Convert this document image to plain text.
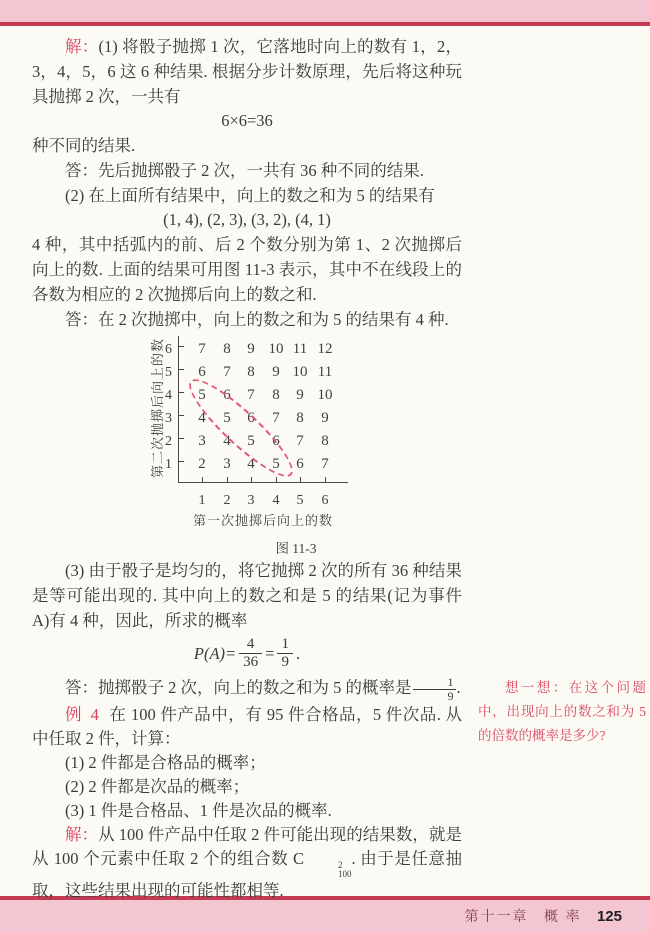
第十一章 概 率 125

解：(1) 将骰子抛掷 1 次，它落地时向上的数有 1，2，3，4，5，6 这 6 种结果. 根据分步计数原理，先后将这种玩具抛掷 2 次，一共有

6×6=36

种不同的结果.

答：先后抛掷骰子 2 次，一共有 36 种不同的结果.

(2) 在上面所有结果中，向上的数之和为 5 的结果有

(1, 4), (2, 3), (3, 2), (4, 1)

4 种，其中括弧内的前、后 2 个数分别为第 1、2 次抛掷后向上的数. 上面的结果可用图 11-3 表示，其中不在线段上的各数为相应的 2 次抛掷后向上的数之和.

答：在 2 次抛掷中，向上的数之和为 5 的结果有 4 种.

7	8	9 10 11 12
6	7	8	9 10 11
5	6	7	8	9 10
4	5	6	7	8	9
3	4	5	6	7	8
2	3	4	5	6	7
6
5
4
3
2
1
1	2	3	4	5	6
第二次抛掷后向上的数
第一次抛掷后向上的数
图 11-3

(3) 由于骰子是均匀的，将它抛掷 2 次的所有 36 种结果是等可能出现的. 其中向上的数之和是 5 的结果(记为事件 A)有 4 种，因此，所求的概率

$P(A)= \frac{4}{36} = \frac{1}{9}$ .

答：抛掷骰子 2 次，向上的数之和为 5 的概率是 $\frac{1}{9}$ .

例 4 在 100 件产品中，有 95 件合格品，5 件次品. 从中任取 2 件，计算：

(1) 2 件都是合格品的概率；

(2) 2 件都是次品的概率；

(3) 1 件是合格品、1 件是次品的概率.

解：从 100 件产品中任取 2 件可能出现的结果数，就是从 100 个元素中任取 2 个的组合数 C	2
100
. 由于是任意抽取，这些结果出现的可能性都相等.

想一想：在这个问题中，出现向上的数之和为 5 的倍数的概率是多少?
